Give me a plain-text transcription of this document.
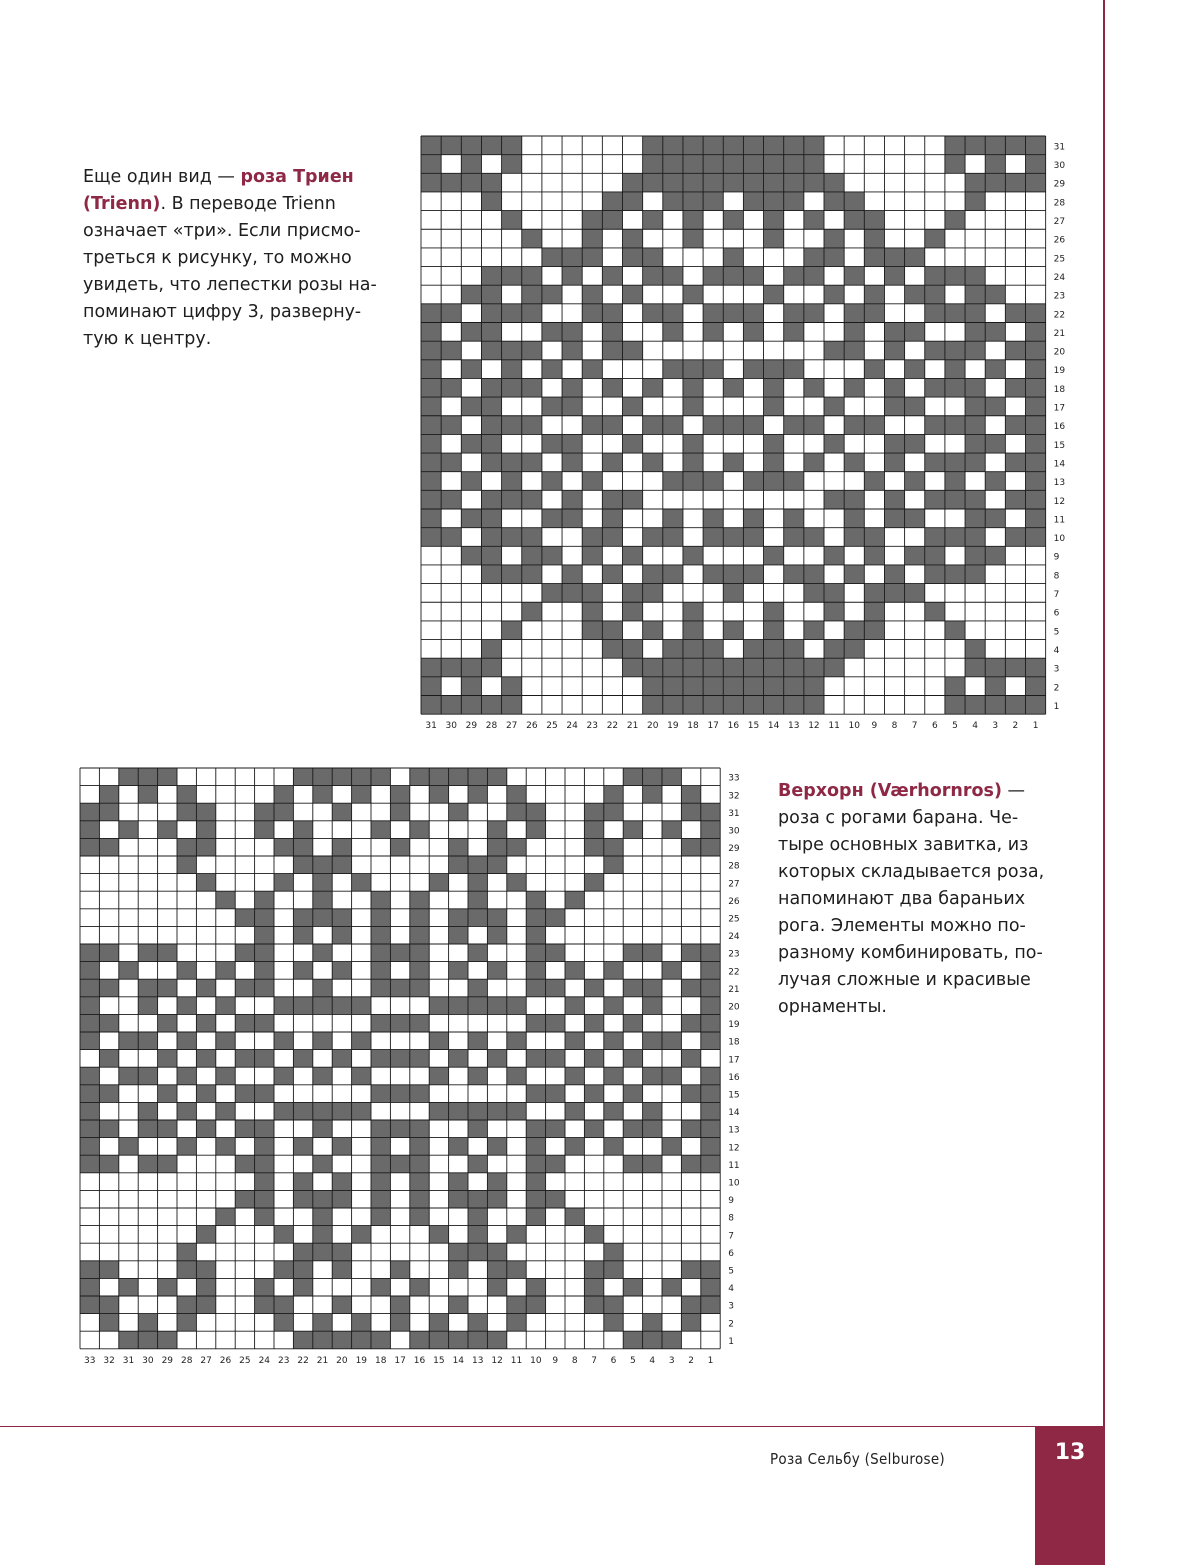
13
Роза Сельбу (Selburose)
Еще один вид — роза Триен
(Trienn). В переводе Trienn
означает «три». Если присмо-
треться к рисунку, то можно
увидеть, что лепестки розы на-
поминают цифру 3, развернy-
тую к центру.
Верхорн (Værhornros) —
роза с рогами барана. Че-
тыре основных завитка, из
которых складывается роза,
напоминают два бараньих
рога. Элементы можно по-
разному комбинировать, по-
лучая сложные и красивые
орнаменты.
31
30
29
28
27
26
25
24
23
22
21
20
19
18
17
16
15
14
13
12
11
10
9
8
7
6
5
4
3
2
1
31 30 29 28 27 26 25 24 23 22 21 20 19 18 17 16 15 14 13 12 11 10 9 8 7 6 5 4 3 2 1
33
32
31
30
29
28
27
26
25
24
23
22
21
20
19
18
17
16
15
14
13
12
11
10
9
8
7
6
5
4
3
2
1
33 32 31 30 29 28 27 26 25 24 23 22 21 20 19 18 17 16 15 14 13 12 11 10 9 8 7 6 5 4 3 2 1
